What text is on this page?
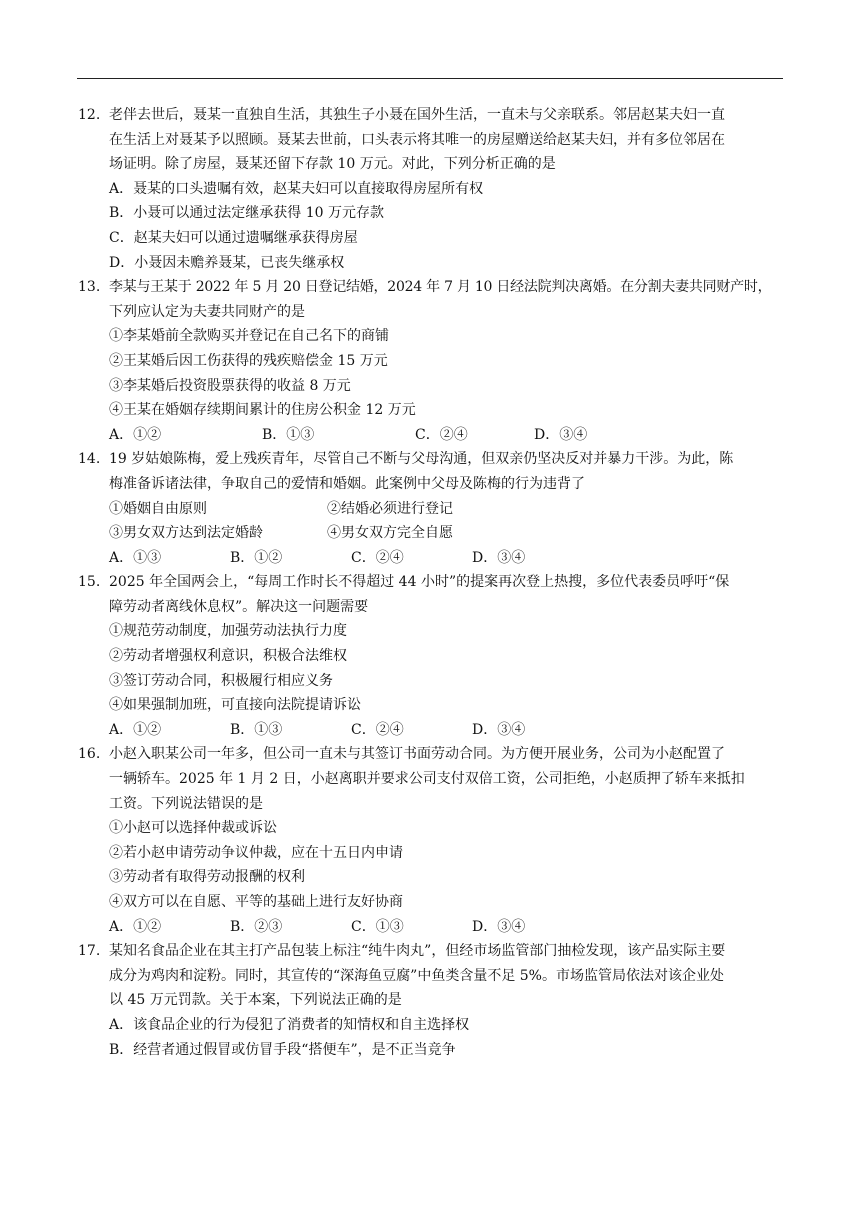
12. 老伴去世后，聂某一直独自生活，其独生子小聂在国外生活，一直未与父亲联系。邻居赵某夫妇一直
在生活上对聂某予以照顾。聂某去世前，口头表示将其唯一的房屋赠送给赵某夫妇，并有多位邻居在
场证明。除了房屋，聂某还留下存款 10 万元。对此，下列分析正确的是
A．聂某的口头遗嘱有效，赵某夫妇可以直接取得房屋所有权
B．小聂可以通过法定继承获得 10 万元存款
C．赵某夫妇可以通过遗嘱继承获得房屋
D．小聂因未赡养聂某，已丧失继承权
13. 李某与王某于 2022 年 5 月 20 日登记结婚，2024 年 7 月 10 日经法院判决离婚。在分割夫妻共同财产时，
下列应认定为夫妻共同财产的是
①李某婚前全款购买并登记在自己名下的商铺
②王某婚后因工伤获得的残疾赔偿金 15 万元
③李某婚后投资股票获得的收益 8 万元
④王某在婚姻存续期间累计的住房公积金 12 万元
A．①②	B．①③	C．②④	D．③④
14. 19 岁姑娘陈梅，爱上残疾青年，尽管自己不断与父母沟通，但双亲仍坚决反对并暴力干涉。为此，陈
梅准备诉诸法律，争取自己的爱情和婚姻。此案例中父母及陈梅的行为违背了
①婚姻自由原则	②结婚必须进行登记
③男女双方达到法定婚龄	④男女双方完全自愿
A．①③	B．①②	C．②④	D．③④
15. 2025 年全国两会上，“每周工作时长不得超过 44 小时”的提案再次登上热搜，多位代表委员呼吁“保
障劳动者离线休息权”。解决这一问题需要
①规范劳动制度，加强劳动法执行力度
②劳动者增强权利意识，积极合法维权
③签订劳动合同，积极履行相应义务
④如果强制加班，可直接向法院提请诉讼
A．①②	B．①③	C．②④	D．③④
16. 小赵入职某公司一年多，但公司一直未与其签订书面劳动合同。为方便开展业务，公司为小赵配置了
一辆轿车。2025 年 1 月 2 日，小赵离职并要求公司支付双倍工资，公司拒绝，小赵质押了轿车来抵扣
工资。下列说法错误的是
①小赵可以选择仲裁或诉讼
②若小赵申请劳动争议仲裁，应在十五日内申请
③劳动者有取得劳动报酬的权利
④双方可以在自愿、平等的基础上进行友好协商
A．①②	B．②③	C．①③	D．③④
17. 某知名食品企业在其主打产品包装上标注“纯牛肉丸”，但经市场监管部门抽检发现，该产品实际主要
成分为鸡肉和淀粉。同时，其宣传的“深海鱼豆腐”中鱼类含量不足 5%。市场监管局依法对该企业处
以 45 万元罚款。关于本案，下列说法正确的是
A．该食品企业的行为侵犯了消费者的知情权和自主选择权
B．经营者通过假冒或仿冒手段“搭便车”，是不正当竞争
